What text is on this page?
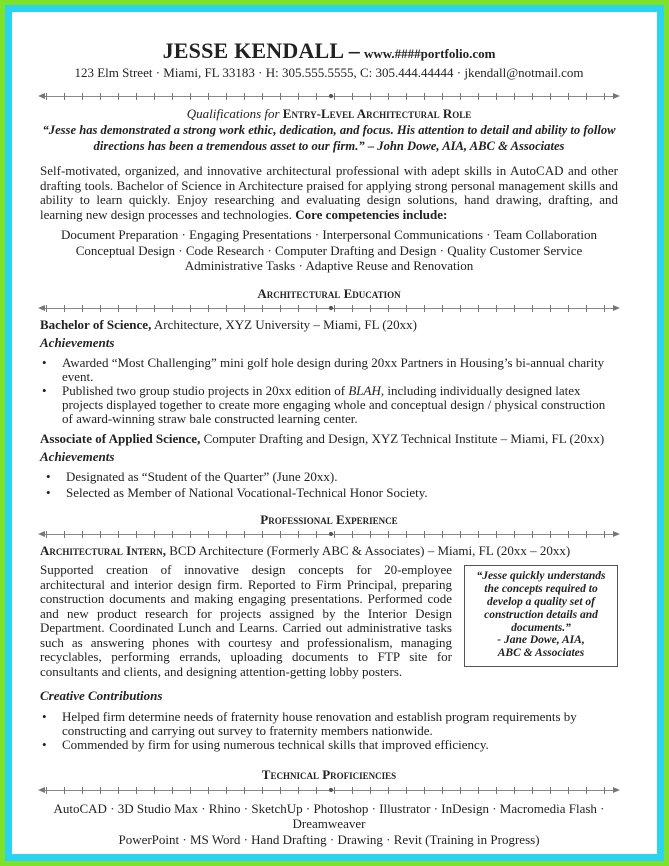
JESSE KENDALL – www.####portfolio.com
123 Elm Street · Miami, FL 33183 · H: 305.555.5555, C: 305.444.44444 · jkendall@notmail.com
Qualifications for Entry-Level Architectural Role
“Jesse has demonstrated a strong work ethic, dedication, and focus. His attention to detail and ability to follow
directions has been a tremendous asset to our firm.” – John Dowe, AIA, ABC & Associates
Self-motivated, organized, and innovative architectural professional with adept skills in AutoCAD and other drafting tools. Bachelor of Science in Architecture praised for applying strong personal management skills and ability to learn quickly. Enjoy researching and evaluating design solutions, hand drawing, drafting, and learning new design processes and technologies. Core competencies include:
Document Preparation · Engaging Presentations · Interpersonal Communications · Team Collaboration
Conceptual Design · Code Research · Computer Drafting and Design · Quality Customer Service
Administrative Tasks · Adaptive Reuse and Renovation
Architectural Education
Bachelor of Science, Architecture, XYZ University – Miami, FL (20xx)
Achievements
• Awarded “Most Challenging” mini golf hole design during 20xx Partners in Housing’s bi-annual charity event.
• Published two group studio projects in 20xx edition of BLAH, including individually designed latex projects displayed together to create more engaging whole and conceptual design / physical construction of award-winning straw bale constructed learning center.
Associate of Applied Science, Computer Drafting and Design, XYZ Technical Institute – Miami, FL (20xx)
Achievements
• Designated as “Student of the Quarter” (June 20xx).
• Selected as Member of National Vocational-Technical Honor Society.
Professional Experience
Architectural Intern, BCD Architecture (Formerly ABC & Associates) – Miami, FL (20xx – 20xx)
“Jesse quickly understands the concepts required to develop a quality set of construction details and documents.”
- Jane Dowe, AIA, ABC & Associates
Supported creation of innovative design concepts for 20-employee architectural and interior design firm. Reported to Firm Principal, preparing construction documents and making engaging presentations. Performed code and new product research for projects assigned by the Interior Design Department. Coordinated Lunch and Learns. Carried out administrative tasks such as answering phones with courtesy and professionalism, managing recyclables, performing errands, uploading documents to FTP site for consultants and clients, and designing attention-getting lobby posters.
Creative Contributions
• Helped firm determine needs of fraternity house renovation and establish program requirements by constructing and carrying out survey to fraternity members nationwide.
• Commended by firm for using numerous technical skills that improved efficiency.
Technical Proficiencies
AutoCAD · 3D Studio Max · Rhino · SketchUp · Photoshop · Illustrator · InDesign · Macromedia Flash · Dreamweaver
PowerPoint · MS Word · Hand Drafting · Drawing · Revit (Training in Progress)
